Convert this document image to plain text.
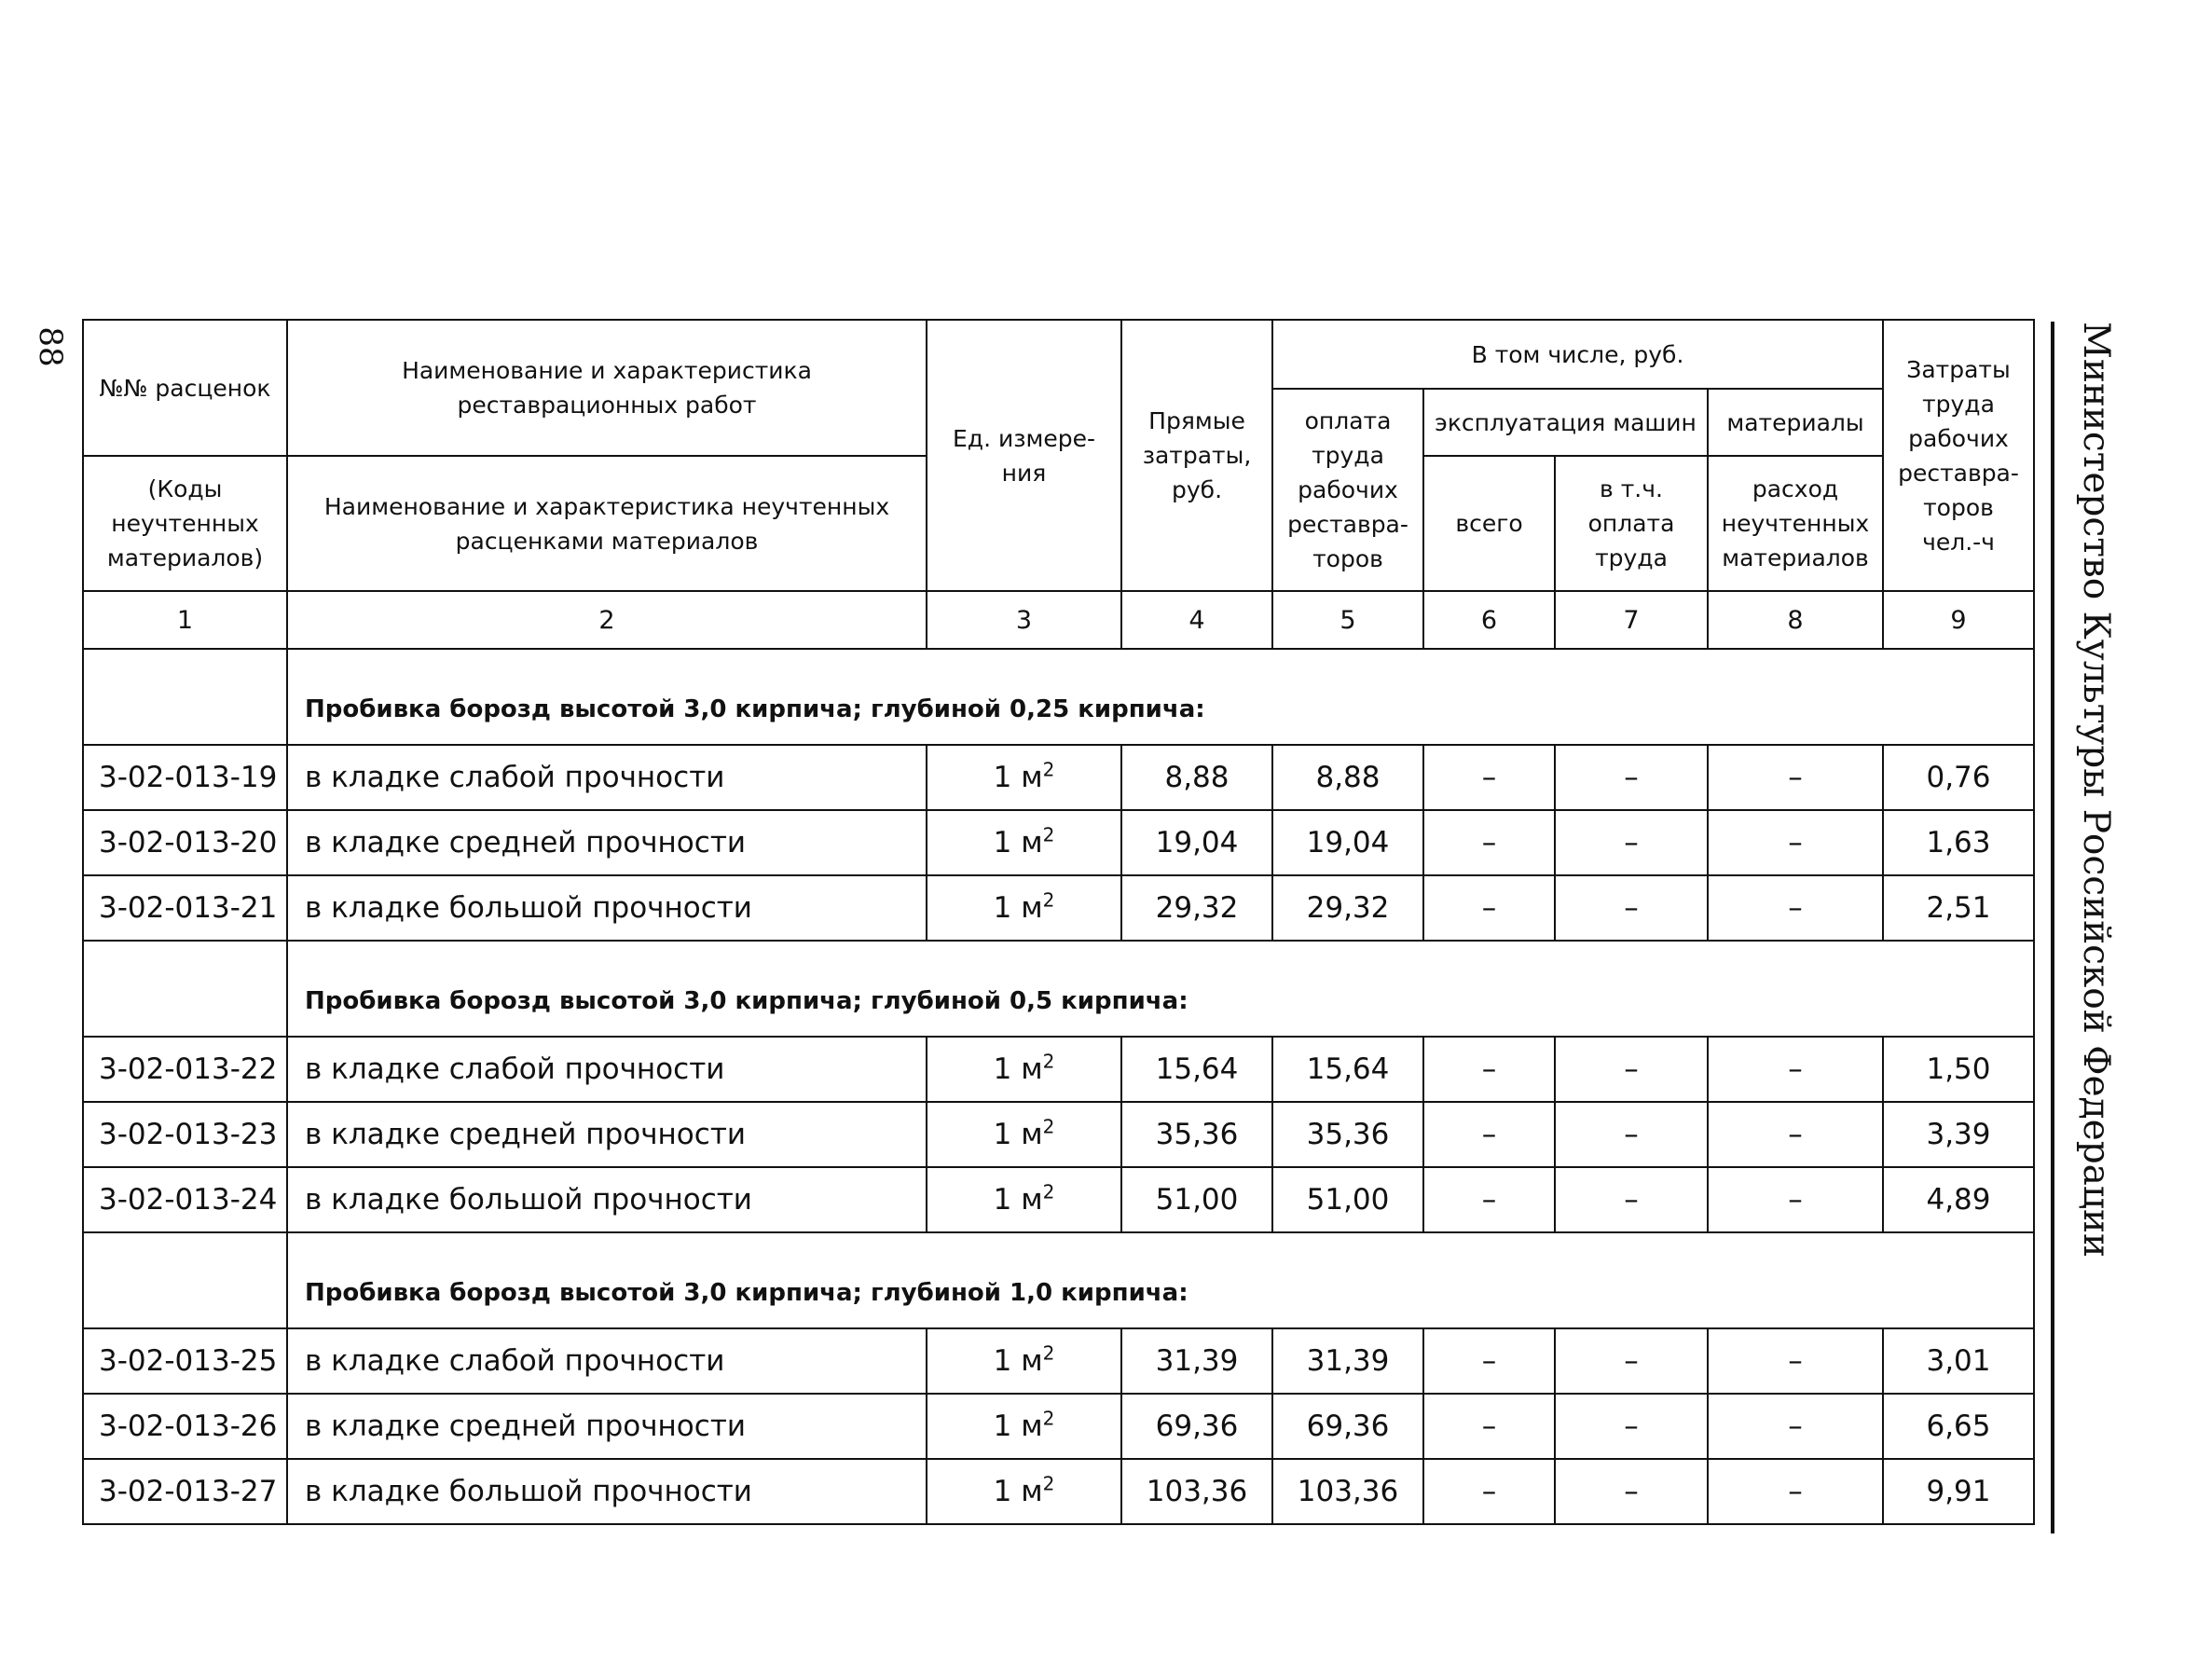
88	Министерство Культуры Российской Федерации
№№ расценок	Наименование и характеристика реставрационных работ	Ед. измере-ния	Прямые затраты, руб.	В том числе, руб.				Затраты труда рабочих реставра-торов чел.-ч
				оплата труда рабочих реставра-торов	эксплуатация машин		материалы	
(Коды неучтенных материалов)	Наименование и характеристика неучтенных расценками материалов				всего	в т.ч. оплата труда	расход неучтенных материалов	

1	2	3	4	5	6	7	8	9
	Пробивка борозд высотой 3,0 кирпича; глубиной 0,25 кирпича:							
3-02-013-19	в кладке слабой прочности	1 $м^2$	8,88	8,88	–	–	–	0,76
3-02-013-20	в кладке средней прочности	1 $м^2$	19,04	19,04	–	–	–	1,63
3-02-013-21	в кладке большой прочности	1 $м^2$	29,32	29,32	–	–	–	2,51
	Пробивка борозд высотой 3,0 кирпича; глубиной 0,5 кирпича:							
3-02-013-22	в кладке слабой прочности	1 $м^2$	15,64	15,64	–	–	–	1,50
3-02-013-23	в кладке средней прочности	1 $м^2$	35,36	35,36	–	–	–	3,39
3-02-013-24	в кладке большой прочности	1 $м^2$	51,00	51,00	–	–	–	4,89
	Пробивка борозд высотой 3,0 кирпича; глубиной 1,0 кирпича:							
3-02-013-25	в кладке слабой прочности	1 $м^2$	31,39	31,39	–	–	–	3,01
3-02-013-26	в кладке средней прочности	1 $м^2$	69,36	69,36	–	–	–	6,65
3-02-013-27	в кладке большой прочности	1 $м^2$	103,36	103,36	–	–	–	9,91
